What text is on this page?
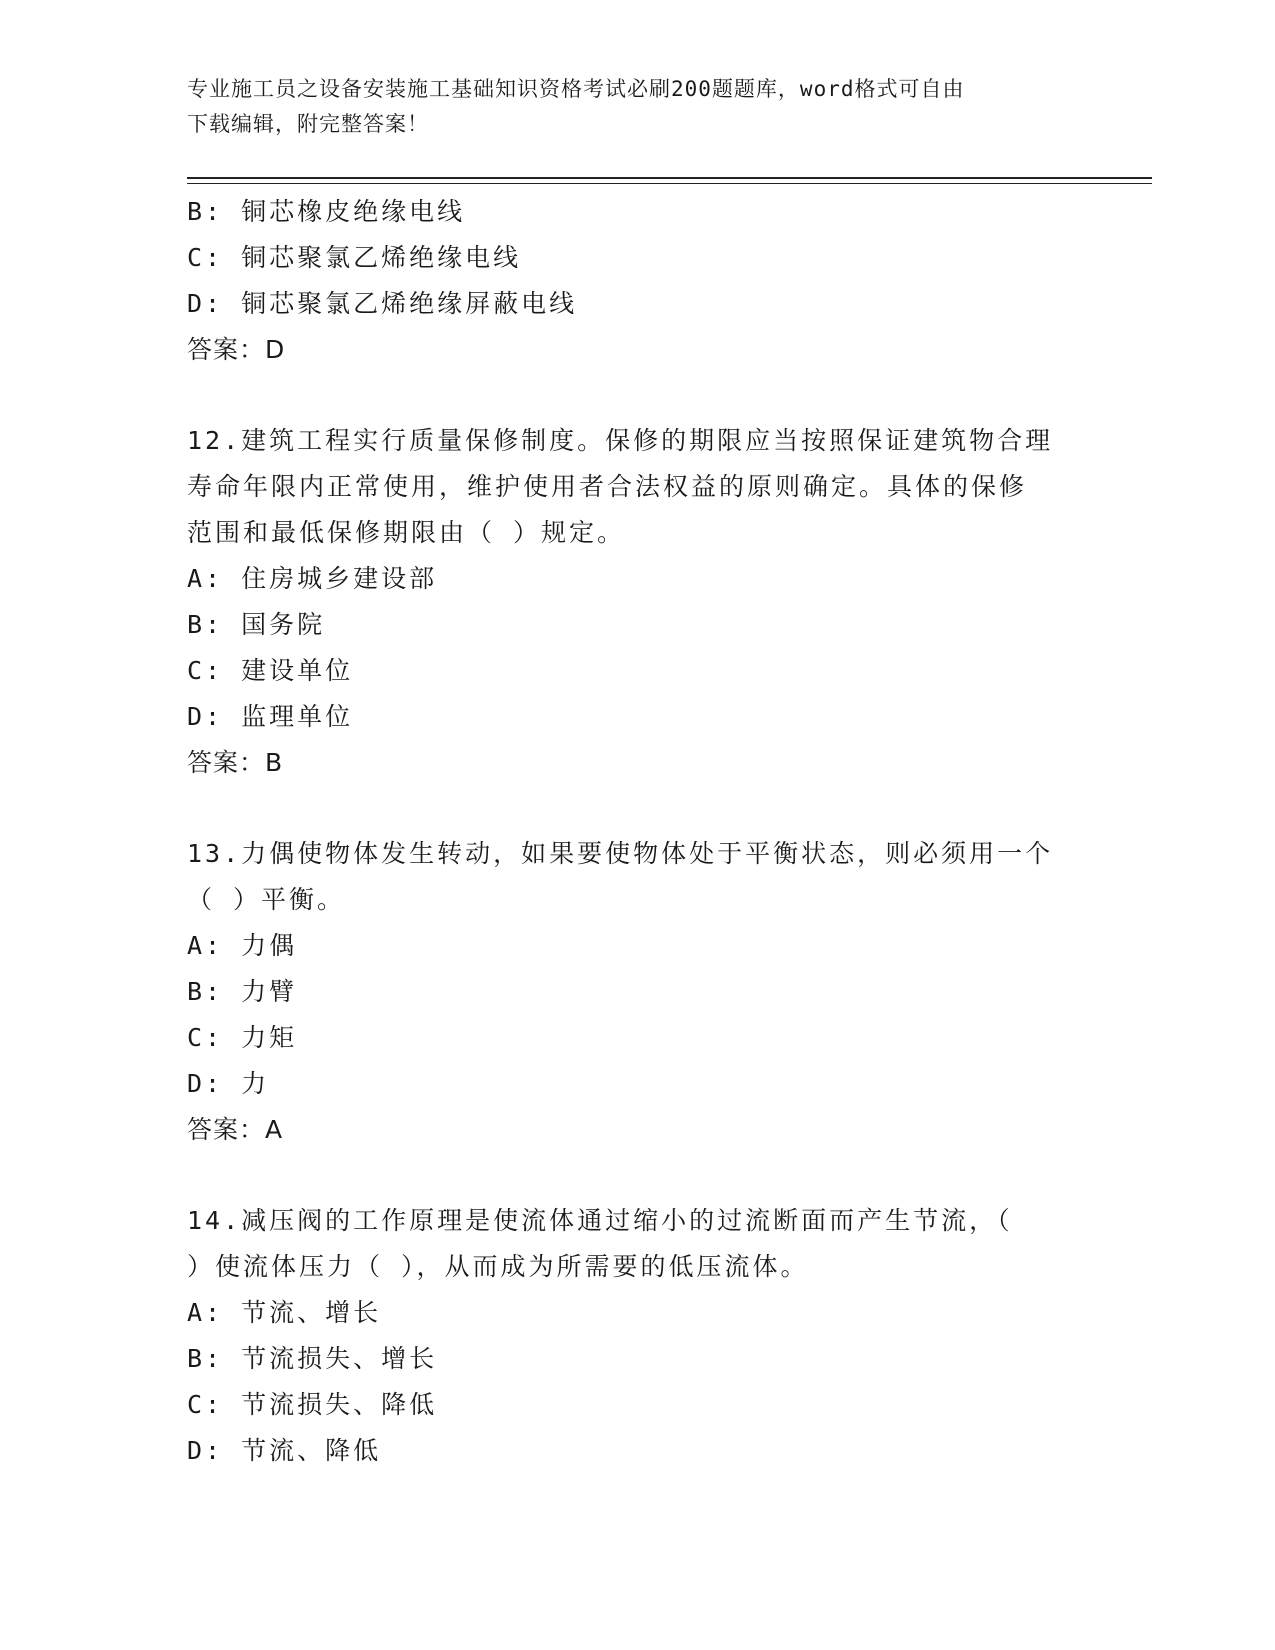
专业施工员之设备安装施工基础知识资格考试必刷200题题库，word格式可自由
下载编辑，附完整答案！
B: 铜芯橡皮绝缘电线
C: 铜芯聚氯乙烯绝缘电线
D: 铜芯聚氯乙烯绝缘屏蔽电线
答案：D
12.建筑工程实行质量保修制度。保修的期限应当按照保证建筑物合理
寿命年限内正常使用，维护使用者合法权益的原则确定。具体的保修
范围和最低保修期限由（ ）规定。
A: 住房城乡建设部
B: 国务院
C: 建设单位
D: 监理单位
答案：B
13.力偶使物体发生转动，如果要使物体处于平衡状态，则必须用一个
（ ）平衡。
A: 力偶
B: 力臂
C: 力矩
D: 力
答案：A
14.减压阀的工作原理是使流体通过缩小的过流断面而产生节流，（
）使流体压力（ ），从而成为所需要的低压流体。
A: 节流、增长
B: 节流损失、增长
C: 节流损失、降低
D: 节流、降低
